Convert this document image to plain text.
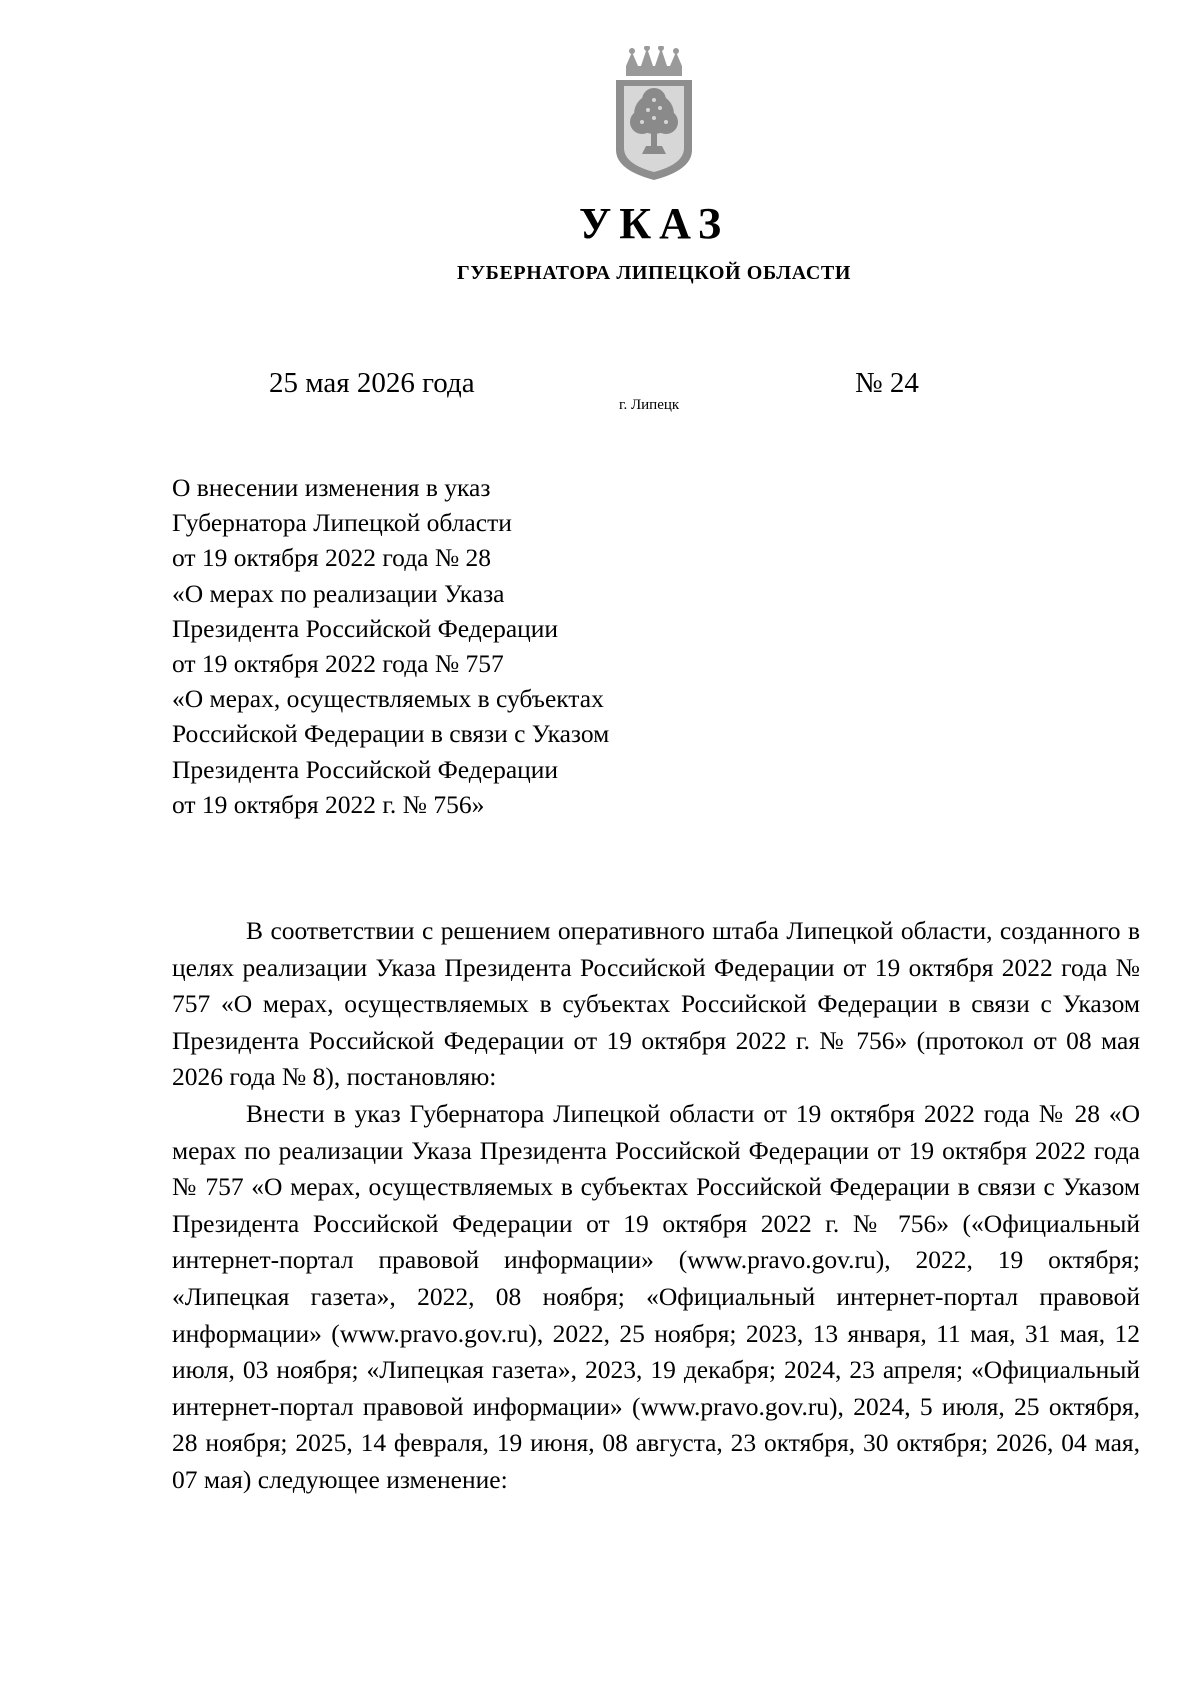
УКАЗ
ГУБЕРНАТОРА ЛИПЕЦКОЙ ОБЛАСТИ
25 мая 2026 года
г. Липецк
№ 24
О внесении изменения в указ
Губернатора Липецкой области
от 19 октября 2022 года № 28
«О мерах по реализации Указа
Президента Российской Федерации
от 19 октября 2022 года № 757
«О мерах, осуществляемых в субъектах
Российской Федерации в связи с Указом
Президента Российской Федерации
от 19 октября 2022 г. № 756»

В соответствии с решением оперативного штаба Липецкой области, созданного в целях реализации Указа Президента Российской Федерации от 19 октября 2022 года № 757 «О мерах, осуществляемых в субъектах Российской Федерации в связи с Указом Президента Российской Федерации от 19 октября 2022 г. № 756» (протокол от 08 мая 2026 года № 8), постановляю:

Внести в указ Губернатора Липецкой области от 19 октября 2022 года № 28 «О мерах по реализации Указа Президента Российской Федерации от 19 октября 2022 года № 757 «О мерах, осуществляемых в субъектах Российской Федерации в связи с Указом Президента Российской Федерации от 19 октября 2022 г. № 756» («Официальный интернет-портал правовой информации» (www.pravo.gov.ru), 2022, 19 октября; «Липецкая газета», 2022, 08 ноября; «Официальный интернет-портал правовой информации» (www.pravo.gov.ru), 2022, 25 ноября; 2023, 13 января, 11 мая, 31 мая, 12 июля, 03 ноября; «Липецкая газета», 2023, 19 декабря; 2024, 23 апреля; «Официальный интернет-портал правовой информации» (www.pravo.gov.ru), 2024, 5 июля, 25 октября, 28 ноября; 2025, 14 февраля, 19 июня, 08 августа, 23 октября, 30 октября; 2026, 04 мая, 07 мая) следующее изменение:
